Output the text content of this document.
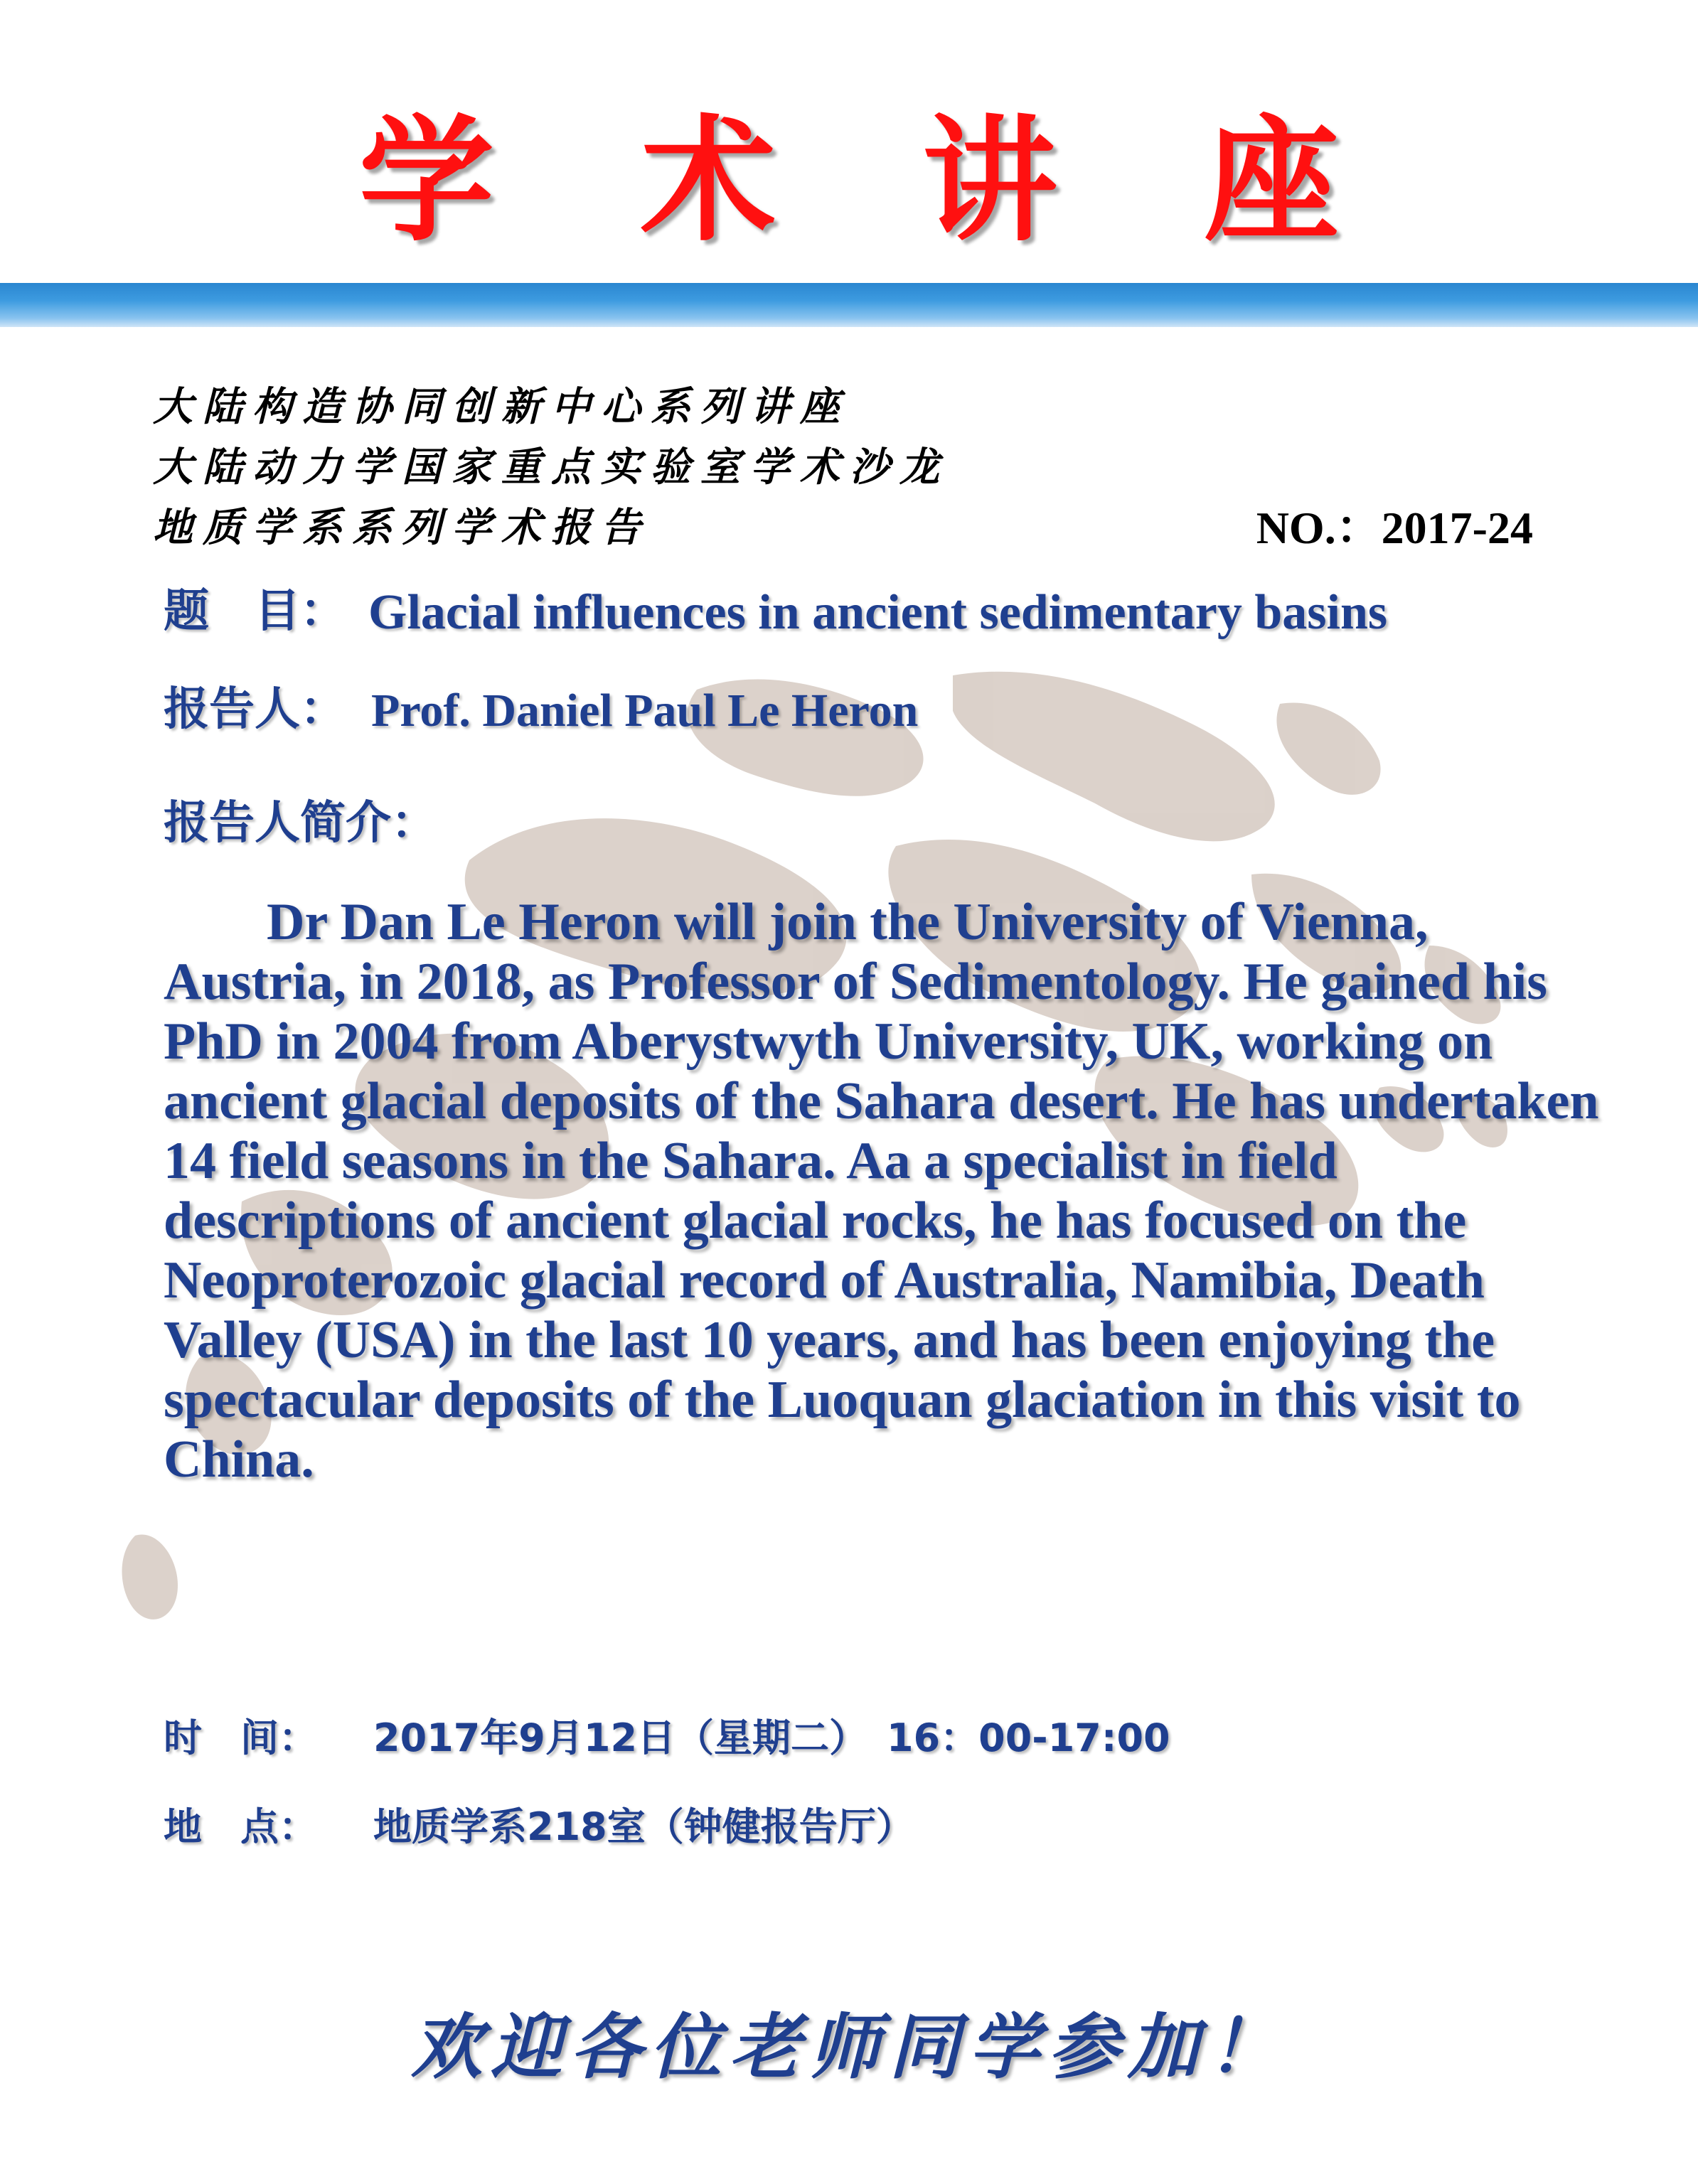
学 术 讲 座
大陆构造协同创新中心系列讲座
大陆动力学国家重点实验室学术沙龙
地质学系系列学术报告	NO.：2017-24
题　目： Glacial influences in ancient sedimentary basins
报告人： Prof. Daniel Paul Le Heron
报告人简介：
Dr Dan Le Heron will join the University of Vienna, Austria, in 2018, as Professor of Sedimentology. He gained his PhD in 2004 from Aberystwyth University, UK, working on ancient glacial deposits of the Sahara desert. He has undertaken 14 field seasons in the Sahara. Aa a specialist in field descriptions of ancient glacial rocks, he has focused on the Neoproterozoic glacial record of Australia, Namibia, Death Valley (USA) in the last 10 years, and has been enjoying the spectacular deposits of the Luoquan glaciation in this visit to China.
时　间： 2017年9月12日（星期二）　16：00-17:00
地　点： 地质学系218室（钟健报告厅）
欢迎各位老师同学参加！
